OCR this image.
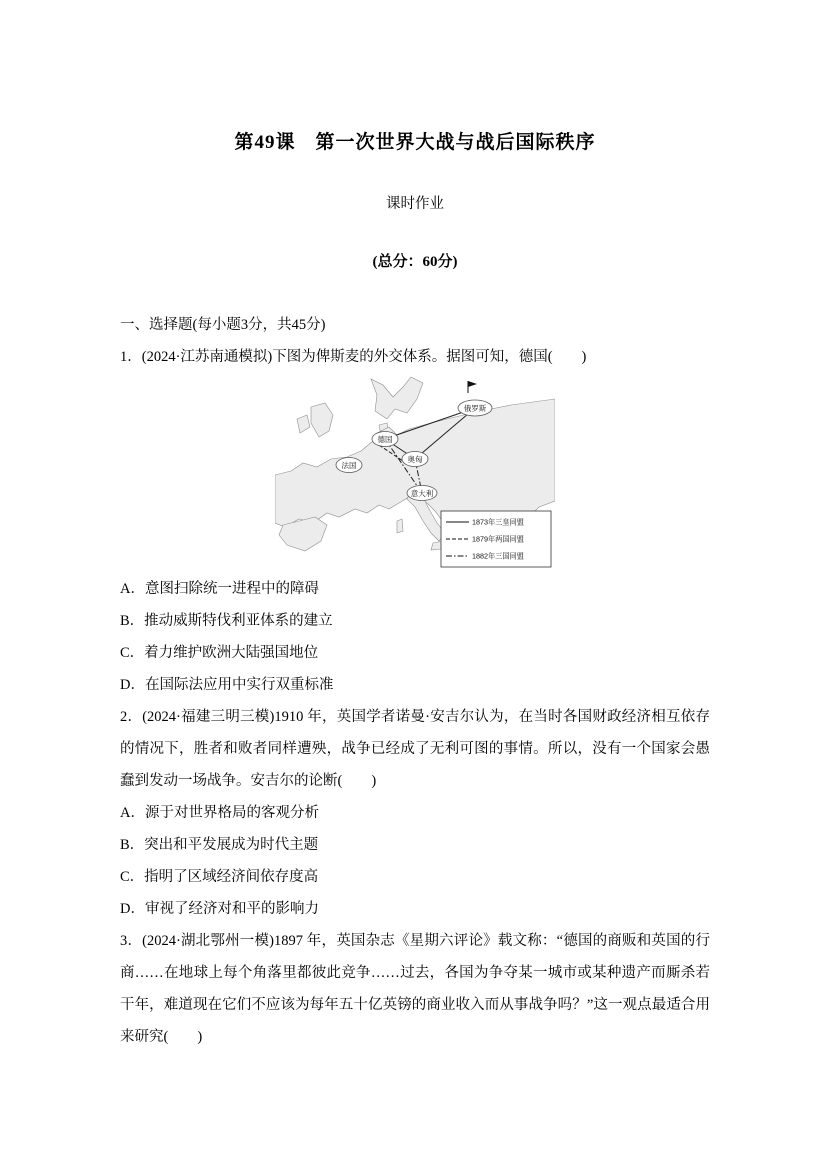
第49课　第一次世界大战与战后国际秩序
课时作业
(总分：60分)
一、选择题(每小题3分，共45分)

1．(2024·江苏南通模拟)下图为俾斯麦的外交体系。据图可知，德国(　　)

俄罗斯
德国
奥匈
法国
意大利
1873年三皇同盟
1879年两国同盟
1882年三国同盟
A．意图扫除统一进程中的障碍
B．推动威斯特伐利亚体系的建立
C．着力维护欧洲大陆强国地位
D．在国际法应用中实行双重标准

2．(2024·福建三明三模)1910 年，英国学者诺曼·安吉尔认为，在当时各国财政经济相互依存的情况下，胜者和败者同样遭殃，战争已经成了无利可图的事情。所以，没有一个国家会愚蠢到发动一场战争。安吉尔的论断(　　)

A．源于对世界格局的客观分析
B．突出和平发展成为时代主题
C．指明了区域经济间依存度高
D．审视了经济对和平的影响力

3．(2024·湖北鄂州一模)1897 年，英国杂志《星期六评论》载文称：“德国的商贩和英国的行商……在地球上每个角落里都彼此竞争……过去，各国为争夺某一城市或某种遗产而厮杀若干年，难道现在它们不应该为每年五十亿英镑的商业收入而从事战争吗？”这一观点最适合用来研究(　　)
